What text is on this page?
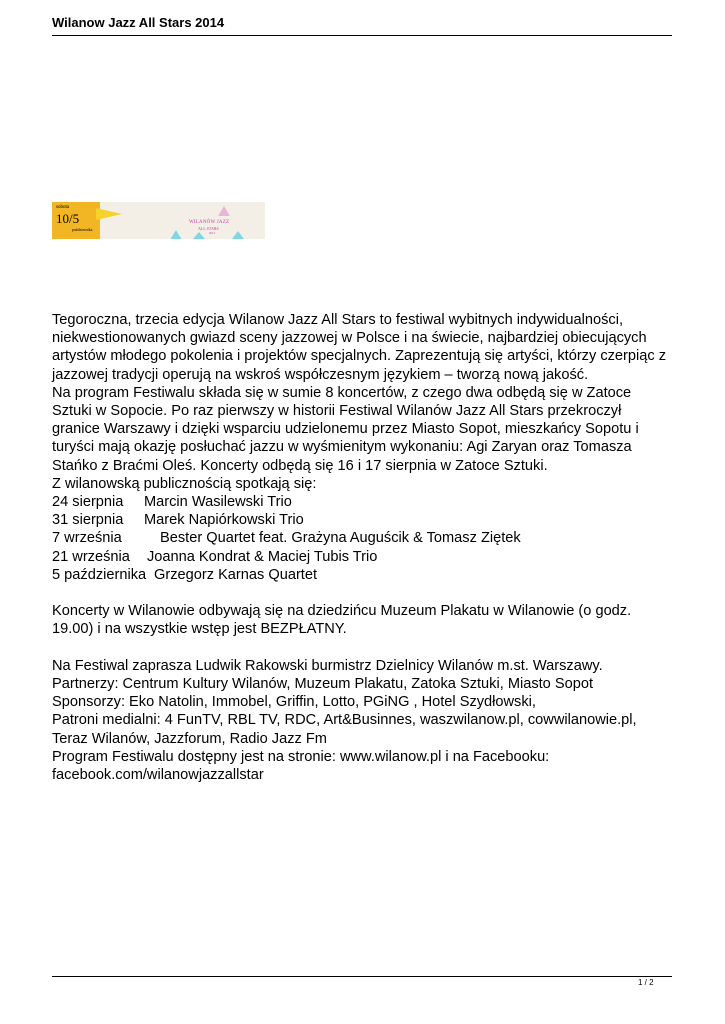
Wilanow Jazz All Stars 2014
sobota
10/5
października
WILANÓW JAZZ
ALL STARS
2014
Tegoroczna, trzecia edycja Wilanow Jazz All Stars to festiwal wybitnych indywidualności,
niekwestionowanych gwiazd sceny jazzowej w Polsce i na świecie, najbardziej obiecujących
artystów młodego pokolenia i projektów specjalnych. Zaprezentują się artyści, którzy czerpiąc z
jazzowej tradycji operują na wskroś współczesnym językiem – tworzą nową jakość.
Na program Festiwalu składa się w sumie 8 koncertów, z czego dwa odbędą się w Zatoce
Sztuki w Sopocie. Po raz pierwszy w historii Festiwal Wilanów Jazz All Stars przekroczył
granice Warszawy i dzięki wsparciu udzielonemu przez Miasto Sopot, mieszkańcy Sopotu i
turyści mają okazję posłuchać jazzu w wyśmienitym wykonaniu: Agi Zaryan oraz Tomasza
Stańko z Braćmi Oleś. Koncerty odbędą się 16 i 17 sierpnia w Zatoce Sztuki.
Z wilanowską publicznością spotkają się:
24 sierpnia Marcin Wasilewski Trio
31 sierpnia Marek Napiórkowski Trio
7 września	Bester Quartet feat. Grażyna Auguścik & Tomasz Ziętek
21 września Joanna Kondrat & Maciej Tubis Trio
5 października Grzegorz Karnas Quartet
Koncerty w Wilanowie odbywają się na dziedzińcu Muzeum Plakatu w Wilanowie (o godz.
19.00) i na wszystkie wstęp jest BEZPŁATNY.
Na Festiwal zaprasza Ludwik Rakowski burmistrz Dzielnicy Wilanów m.st. Warszawy.
Partnerzy: Centrum Kultury Wilanów, Muzeum Plakatu, Zatoka Sztuki, Miasto Sopot
Sponsorzy: Eko Natolin, Immobel, Griffin, Lotto, PGiNG , Hotel Szydłowski,
Patroni medialni: 4 FunTV, RBL TV, RDC, Art&Businnes, waszwilanow.pl, cowwilanowie.pl,
Teraz Wilanów, Jazzforum, Radio Jazz Fm
Program Festiwalu dostępny jest na stronie: www.wilanow.pl i na Facebooku:
facebook.com/wilanowjazzallstar
1 / 2
